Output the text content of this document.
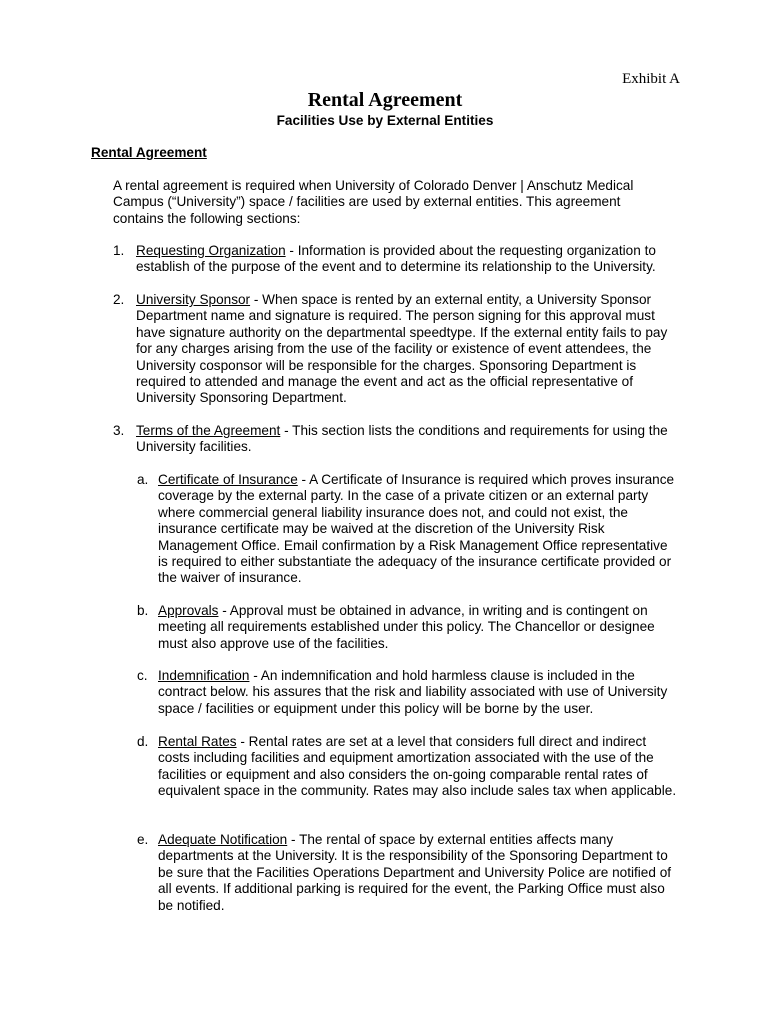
Exhibit A
Rental Agreement
Facilities Use by External Entities
Rental Agreement
A rental agreement is required when University of Colorado Denver | Anschutz Medical Campus (“University”) space / facilities are used by external entities. This agreement contains the following sections:
1. Requesting Organization - Information is provided about the requesting organization to establish of the purpose of the event and to determine its relationship to the University.
2. University Sponsor - When space is rented by an external entity, a University Sponsor Department name and signature is required. The person signing for this approval must have signature authority on the departmental speedtype. If the external entity fails to pay for any charges arising from the use of the facility or existence of event attendees, the University cosponsor will be responsible for the charges. Sponsoring Department is required to attended and manage the event and act as the official representative of University Sponsoring Department.
3. Terms of the Agreement - This section lists the conditions and requirements for using the University facilities.
a. Certificate of Insurance - A Certificate of Insurance is required which proves insurance coverage by the external party. In the case of a private citizen or an external party where commercial general liability insurance does not, and could not exist, the insurance certificate may be waived at the discretion of the University Risk Management Office. Email confirmation by a Risk Management Office representative is required to either substantiate the adequacy of the insurance certificate provided or the waiver of insurance.
b. Approvals - Approval must be obtained in advance, in writing and is contingent on meeting all requirements established under this policy. The Chancellor or designee must also approve use of the facilities.
c. Indemnification - An indemnification and hold harmless clause is included in the contract below. his assures that the risk and liability associated with use of University space / facilities or equipment under this policy will be borne by the user.
d. Rental Rates - Rental rates are set at a level that considers full direct and indirect costs including facilities and equipment amortization associated with the use of the facilities or equipment and also considers the on-going comparable rental rates of equivalent space in the community. Rates may also include sales tax when applicable.
e. Adequate Notification - The rental of space by external entities affects many departments at the University. It is the responsibility of the Sponsoring Department to be sure that the Facilities Operations Department and University Police are notified of all events. If additional parking is required for the event, the Parking Office must also be notified.
